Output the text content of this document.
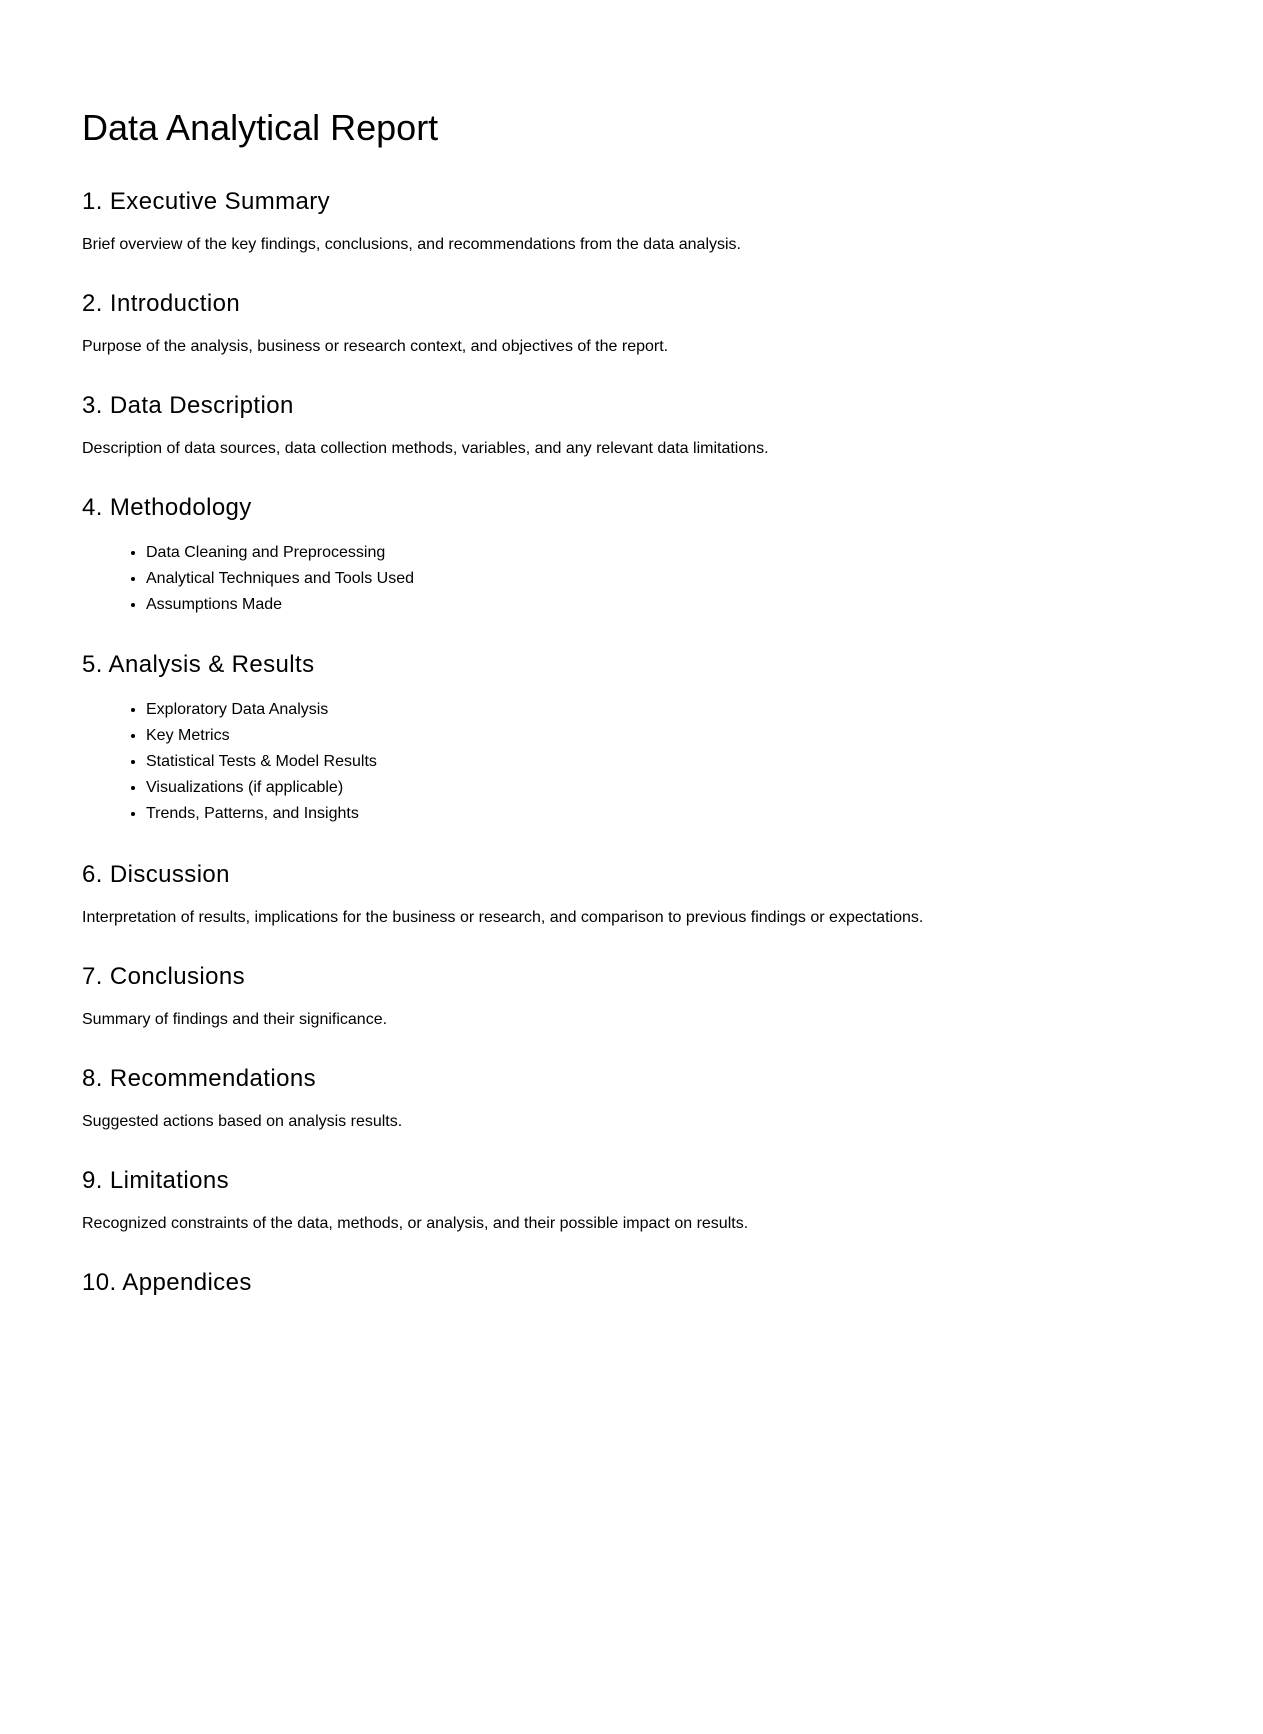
Data Analytical Report
1. Executive Summary

Brief overview of the key findings, conclusions, and recommendations from the data analysis.

2. Introduction

Purpose of the analysis, business or research context, and objectives of the report.

3. Data Description

Description of data sources, data collection methods, variables, and any relevant data limitations.

4. Methodology
• Data Cleaning and Preprocessing
• Analytical Techniques and Tools Used
• Assumptions Made
5. Analysis & Results
• Exploratory Data Analysis
• Key Metrics
• Statistical Tests & Model Results
• Visualizations (if applicable)
• Trends, Patterns, and Insights
6. Discussion

Interpretation of results, implications for the business or research, and comparison to previous findings or expectations.

7. Conclusions

Summary of findings and their significance.

8. Recommendations

Suggested actions based on analysis results.

9. Limitations

Recognized constraints of the data, methods, or analysis, and their possible impact on results.

10. Appendices
